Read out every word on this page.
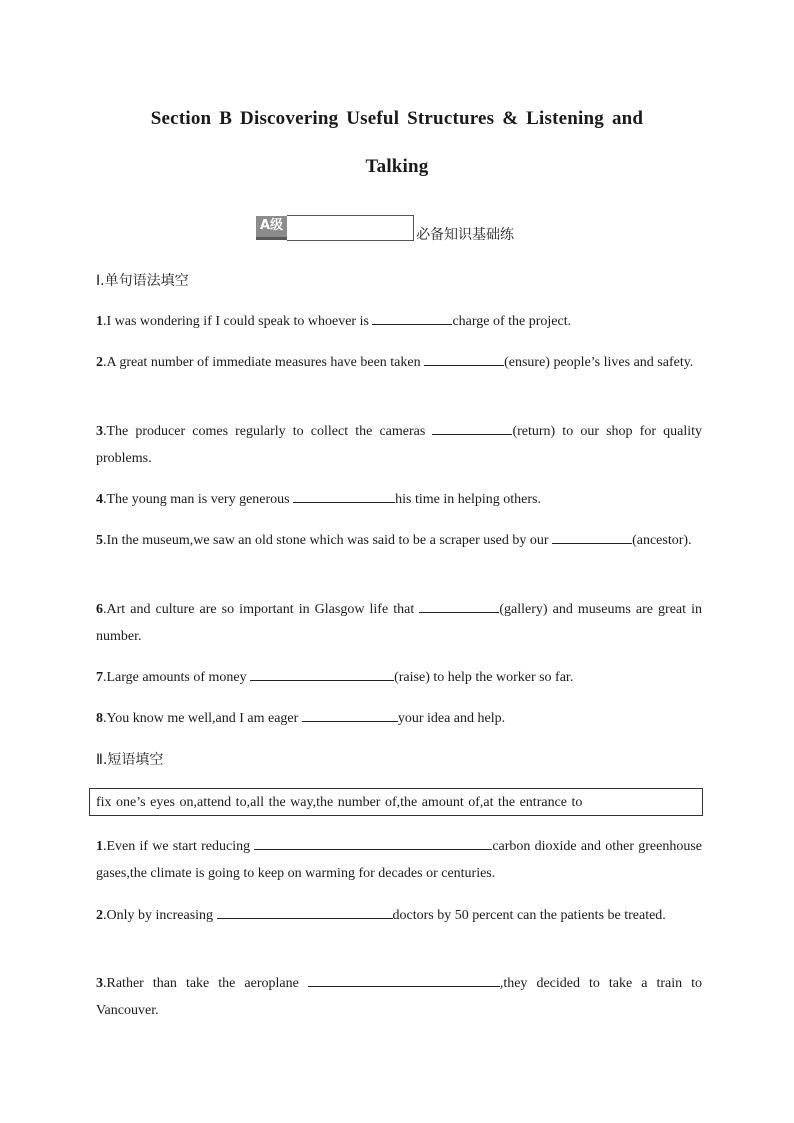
Section B Discovering Useful Structures & Listening and
Talking
A级
必备知识基础练
Ⅰ.单句语法填空
1.I was wondering if I could speak to whoever is	charge of the project.
2.A great number of immediate measures have been taken	(ensure) people’s lives and safety.
3.The producer comes regularly to collect the cameras	(return) to our shop for quality problems.
4.The young man is very generous	his time in helping others.
5.In the museum,we saw an old stone which was said to be a scraper used by our	(ancestor).
6.Art and culture are so important in Glasgow life that	(gallery) and museums are great in number.
7.Large amounts of money	(raise) to help the worker so far.
8.You know me well,and I am eager	your idea and help.
Ⅱ.短语填空
fix one’s eyes on,attend to,all the way,the number of,the amount of,at the entrance to
1.Even if we start reducing	carbon dioxide and other greenhouse gases,the climate is going to keep on warming for decades or centuries.
2.Only by increasing	doctors by 50 percent can the patients be treated.
3.Rather than take the aeroplane	,they decided to take a train to Vancouver.
